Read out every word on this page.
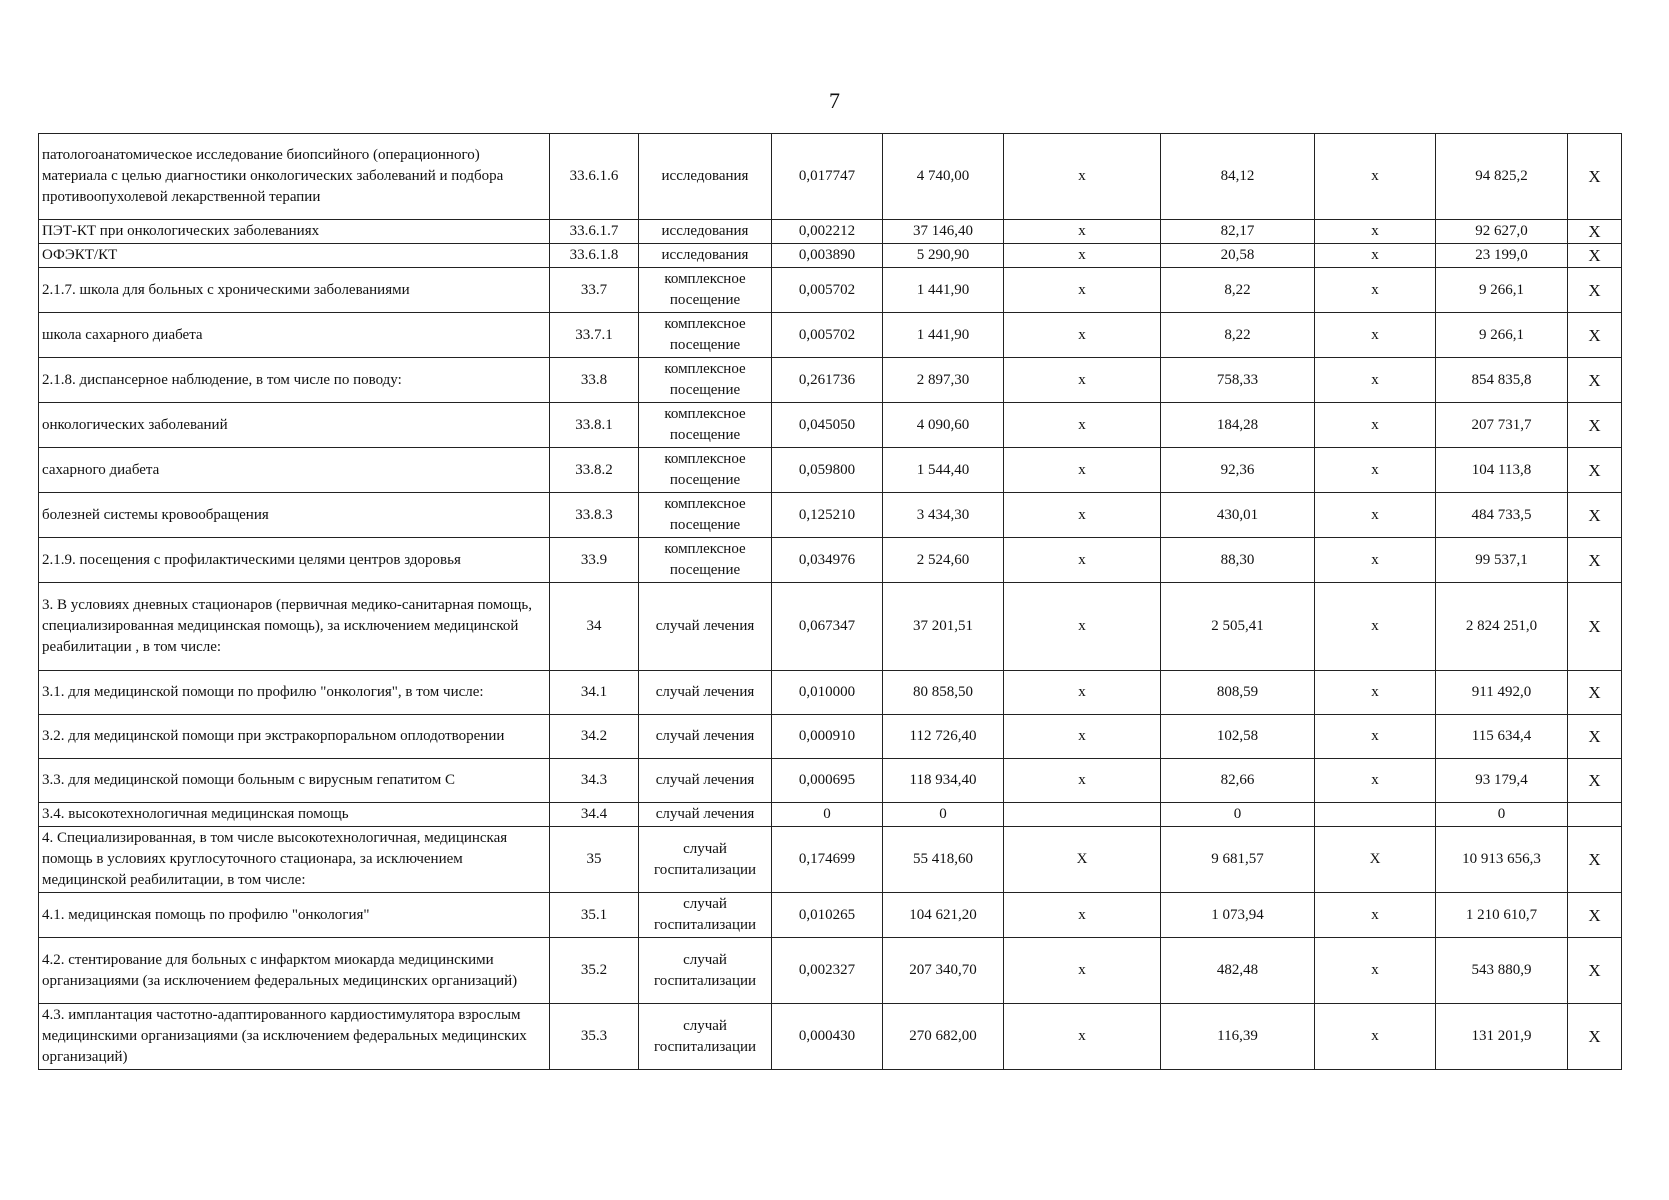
7
патологоанатомическое исследование биопсийного (операционного) материала с целью диагностики онкологических заболеваний и подбора противоопухолевой лекарственной терапии	33.6.1.6	исследования	0,017747	4 740,00	х	84,12	х	94 825,2	Х
ПЭТ-КТ при онкологических заболеваниях	33.6.1.7	исследования	0,002212	37 146,40	х	82,17	х	92 627,0	Х
ОФЭКТ/КТ	33.6.1.8	исследования	0,003890	5 290,90	х	20,58	х	23 199,0	Х
2.1.7. школа для больных с хроническими заболеваниями	33.7	комплексное посещение	0,005702	1 441,90	х	8,22	х	9 266,1	Х
школа сахарного диабета	33.7.1	комплексное посещение	0,005702	1 441,90	х	8,22	х	9 266,1	Х
2.1.8. диспансерное наблюдение, в том числе по поводу:	33.8	комплексное посещение	0,261736	2 897,30	х	758,33	х	854 835,8	Х
онкологических заболеваний	33.8.1	комплексное посещение	0,045050	4 090,60	х	184,28	х	207 731,7	Х
сахарного диабета	33.8.2	комплексное посещение	0,059800	1 544,40	х	92,36	х	104 113,8	Х
болезней системы кровообращения	33.8.3	комплексное посещение	0,125210	3 434,30	х	430,01	х	484 733,5	Х
2.1.9. посещения с профилактическими целями центров здоровья	33.9	комплексное посещение	0,034976	2 524,60	х	88,30	х	99 537,1	Х
3. В условиях дневных стационаров (первичная медико-санитарная помощь, специализированная медицинская помощь), за исключением медицинской реабилитации , в том числе:	34	случай лечения	0,067347	37 201,51	х	2 505,41	х	2 824 251,0	Х
3.1. для медицинской помощи по профилю "онкология", в том числе:	34.1	случай лечения	0,010000	80 858,50	х	808,59	х	911 492,0	Х
3.2. для медицинской помощи при экстракорпоральном оплодотворении	34.2	случай лечения	0,000910	112 726,40	х	102,58	х	115 634,4	Х
3.3. для медицинской помощи больным с вирусным гепатитом С	34.3	случай лечения	0,000695	118 934,40	х	82,66	х	93 179,4	Х
3.4. высокотехнологичная медицинская помощь	34.4	случай лечения	0	0		0		0	
4. Специализированная, в том числе высокотехнологичная, медицинская помощь в условиях круглосуточного стационара, за исключением медицинской реабилитации, в том числе:	35	случай госпитализации	0,174699	55 418,60	Х	9 681,57	Х	10 913 656,3	Х
4.1. медицинская помощь по профилю "онкология"	35.1	случай госпитализации	0,010265	104 621,20	х	1 073,94	х	1 210 610,7	Х
4.2. стентирование для больных с инфарктом миокарда медицинскими организациями (за исключением федеральных медицинских организаций)	35.2	случай госпитализации	0,002327	207 340,70	х	482,48	х	543 880,9	Х
4.3. имплантация частотно-адаптированного кардиостимулятора взрослым медицинскими организациями (за исключением федеральных медицинских организаций)	35.3	случай госпитализации	0,000430	270 682,00	х	116,39	х	131 201,9	Х
